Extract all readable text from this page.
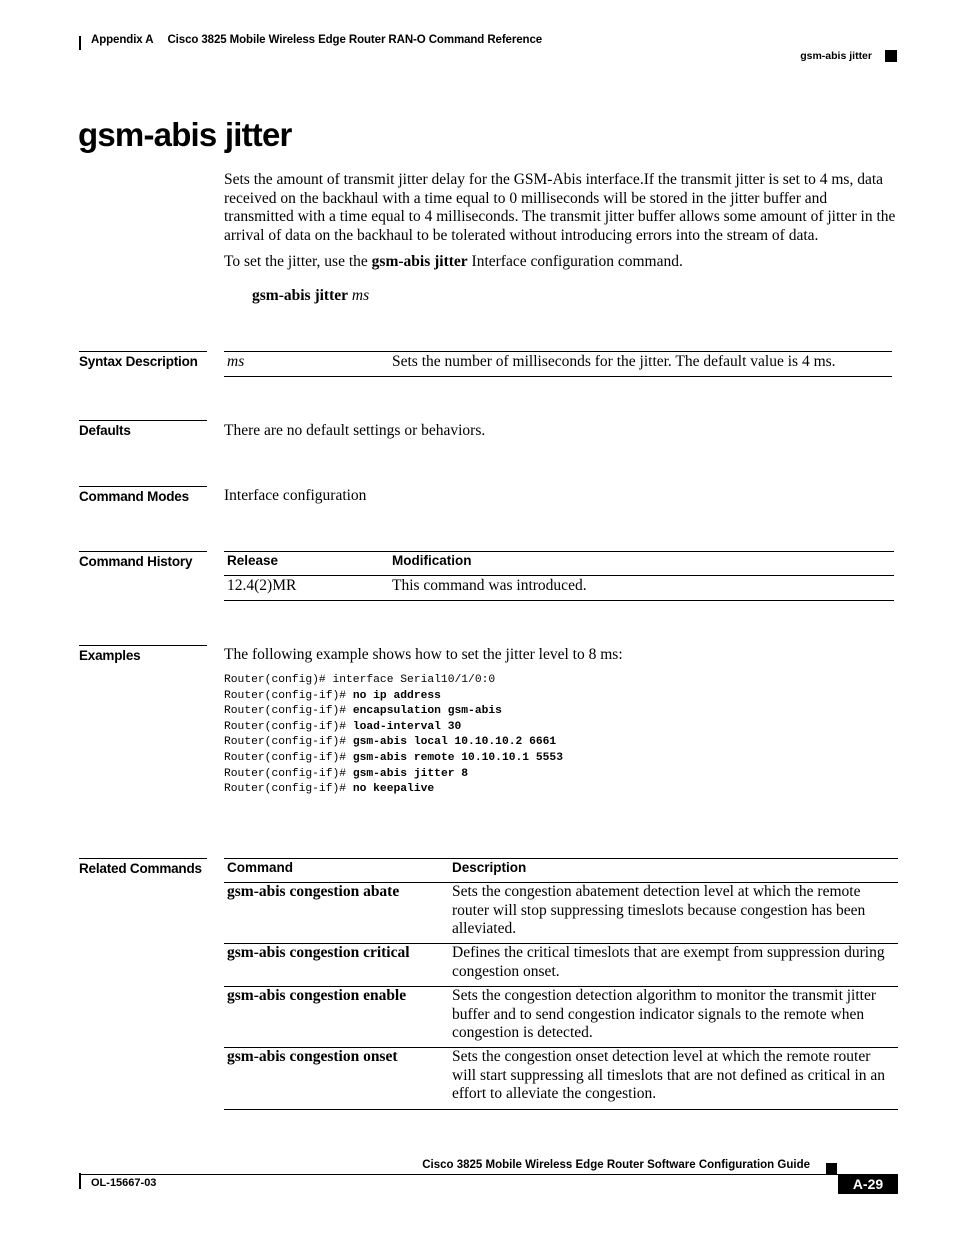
Appendix A Cisco 3825 Mobile Wireless Edge Router RAN-O Command Reference
gsm-abis jitter
gsm-abis jitter
Sets the amount of transmit jitter delay for the GSM-Abis interface.If the transmit jitter is set to 4 ms, data received on the backhaul with a time equal to 0 milliseconds will be stored in the jitter buffer and transmitted with a time equal to 4 milliseconds. The transmit jitter buffer allows some amount of jitter in the arrival of data on the backhaul to be tolerated without introducing errors into the stream of data.
To set the jitter, use the gsm-abis jitter Interface configuration command.
gsm-abis jitter ms
Syntax Description	ms	Sets the number of milliseconds for the jitter. The default value is 4 ms.
Defaults	There are no default settings or behaviors.
Command Modes	Interface configuration
Command History	Release	Modification
12.4(2)MR	This command was introduced.
Examples	The following example shows how to set the jitter level to 8 ms:
Router(config)# interface Serial10/1/0:0
Router(config-if)# no ip address
Router(config-if)# encapsulation gsm-abis
Router(config-if)# load-interval 30
Router(config-if)# gsm-abis local 10.10.10.2 6661
Router(config-if)# gsm-abis remote 10.10.10.1 5553
Router(config-if)# gsm-abis jitter 8
Router(config-if)# no keepalive
Related Commands	Command	Description
gsm-abis congestion abate	Sets the congestion abatement detection level at which the remote router will stop suppressing timeslots because congestion has been alleviated.
gsm-abis congestion critical	Defines the critical timeslots that are exempt from suppression during congestion onset.
gsm-abis congestion enable	Sets the congestion detection algorithm to monitor the transmit jitter buffer and to send congestion indicator signals to the remote when congestion is detected.
gsm-abis congestion onset	Sets the congestion onset detection level at which the remote router will start suppressing all timeslots that are not defined as critical in an effort to alleviate the congestion.
Cisco 3825 Mobile Wireless Edge Router Software Configuration Guide
OL-15667-03	A-29
